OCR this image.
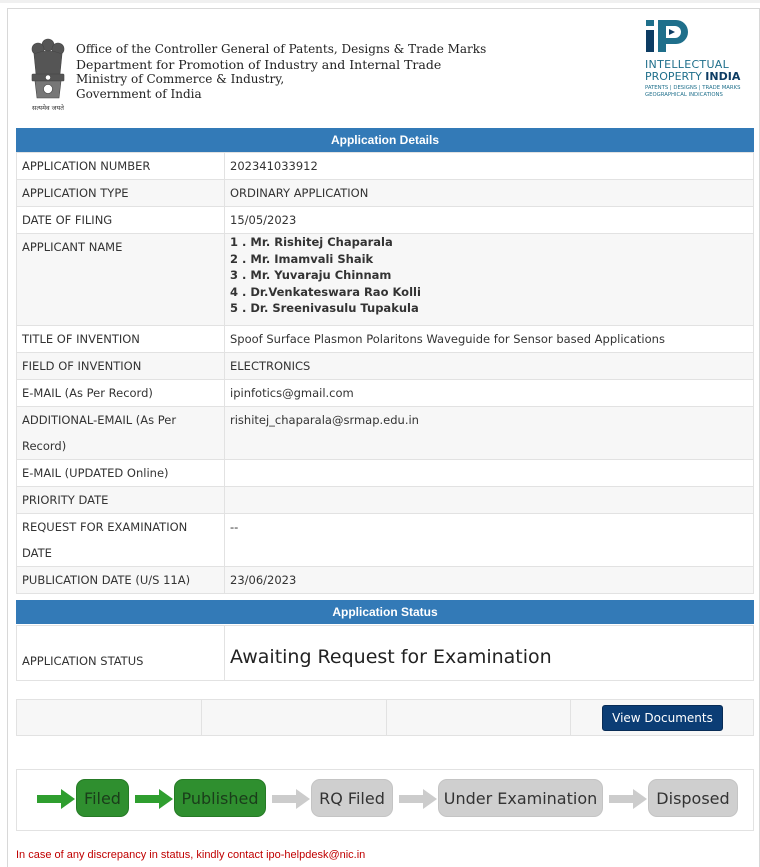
सत्यमेव जयते
Office of the Controller General of Patents, Designs & Trade Marks
Department for Promotion of Industry and Internal Trade
Ministry of Commerce & Industry,
Government of India
INTELLECTUAL
PROPERTY INDIA
PATENTS | DESIGNS | TRADE MARKS
GEOGRAPHICAL INDICATIONS
Application Details
APPLICATION NUMBER	202341033912
APPLICATION TYPE	ORDINARY APPLICATION
DATE OF FILING	15/05/2023
APPLICANT NAME	1 . Mr. Rishitej Chaparala
2 . Mr. Imamvali Shaik
3 . Mr. Yuvaraju Chinnam
4 . Dr.Venkateswara Rao Kolli
5 . Dr. Sreenivasulu Tupakula

TITLE OF INVENTION	Spoof Surface Plasmon Polaritons Waveguide for Sensor based Applications
FIELD OF INVENTION	ELECTRONICS
E-MAIL (As Per Record)	ipinfotics@gmail.com
ADDITIONAL-EMAIL (As Per Record)	rishitej_chaparala@srmap.edu.in
E-MAIL (UPDATED Online)	
PRIORITY DATE	
REQUEST FOR EXAMINATION DATE	--
PUBLICATION DATE (U/S 11A)	23/06/2023
Application Status
APPLICATION STATUS	Awaiting Request for Examination
View Documents
Filed	Published	RQ Filed	Under Examination	Disposed
In case of any discrepancy in status, kindly contact ipo-helpdesk@nic.in
